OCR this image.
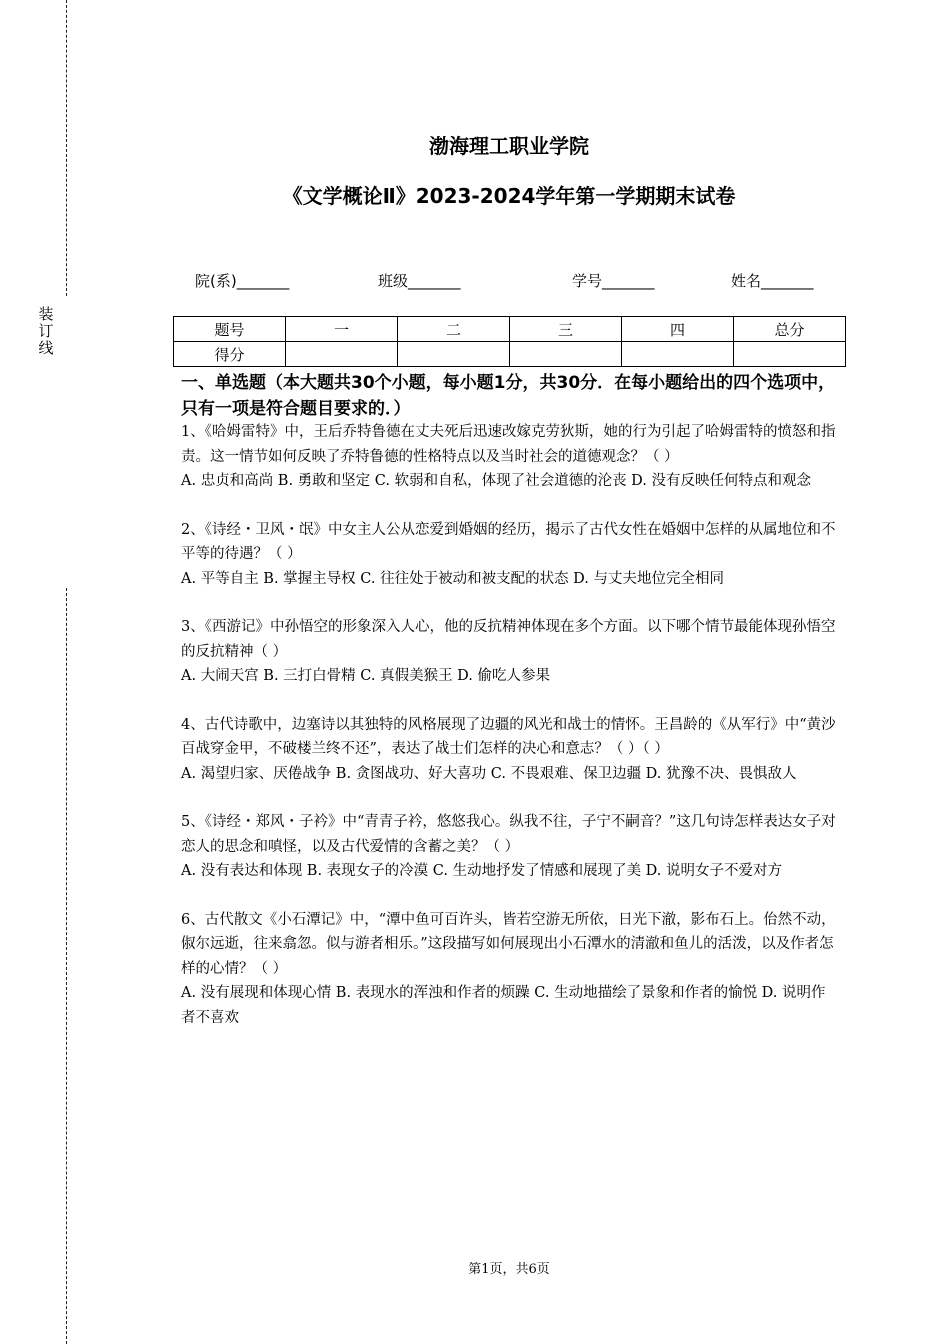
装订线
渤海理工职业学院
《文学概论Ⅱ》2023-2024学年第一学期期末试卷
院(系)_______	班级_______	学号_______	姓名_______
题号	一	二	三	四	总分
得分					
一、单选题（本大题共30个小题，每小题1分，共30分．在每小题给出的四个选项中，只有一项是符合题目要求的．）

1、《哈姆雷特》中，王后乔特鲁德在丈夫死后迅速改嫁克劳狄斯，她的行为引起了哈姆雷特的愤怒和指责。这一情节如何反映了乔特鲁德的性格特点以及当时社会的道德观念？（ ）

A. 忠贞和高尚 B. 勇敢和坚定 C. 软弱和自私，体现了社会道德的沦丧 D. 没有反映任何特点和观念

2、《诗经・卫风・氓》中女主人公从恋爱到婚姻的经历，揭示了古代女性在婚姻中怎样的从属地位和不平等的待遇？（ ）

A. 平等自主 B. 掌握主导权 C. 往往处于被动和被支配的状态 D. 与丈夫地位完全相同

3、《西游记》中孙悟空的形象深入人心，他的反抗精神体现在多个方面。以下哪个情节最能体现孙悟空的反抗精神（ ）

A. 大闹天宫 B. 三打白骨精 C. 真假美猴王 D. 偷吃人参果

4、古代诗歌中，边塞诗以其独特的风格展现了边疆的风光和战士的情怀。王昌龄的《从军行》中“黄沙百战穿金甲，不破楼兰终不还”，表达了战士们怎样的决心和意志？（ ）（ ）

A. 渴望归家、厌倦战争 B. 贪图战功、好大喜功 C. 不畏艰难、保卫边疆 D. 犹豫不决、畏惧敌人

5、《诗经・郑风・子衿》中“青青子衿，悠悠我心。纵我不往，子宁不嗣音？”这几句诗怎样表达女子对恋人的思念和嗔怪，以及古代爱情的含蓄之美？（ ）

A. 没有表达和体现 B. 表现女子的冷漠 C. 生动地抒发了情感和展现了美 D. 说明女子不爱对方

6、古代散文《小石潭记》中，“潭中鱼可百许头，皆若空游无所依，日光下澈，影布石上。佁然不动，俶尔远逝，往来翕忽。似与游者相乐。”这段描写如何展现出小石潭水的清澈和鱼儿的活泼，以及作者怎样的心情？（ ）

A. 没有展现和体现心情 B. 表现水的浑浊和作者的烦躁 C. 生动地描绘了景象和作者的愉悦 D. 说明作者不喜欢

第1页，共6页
